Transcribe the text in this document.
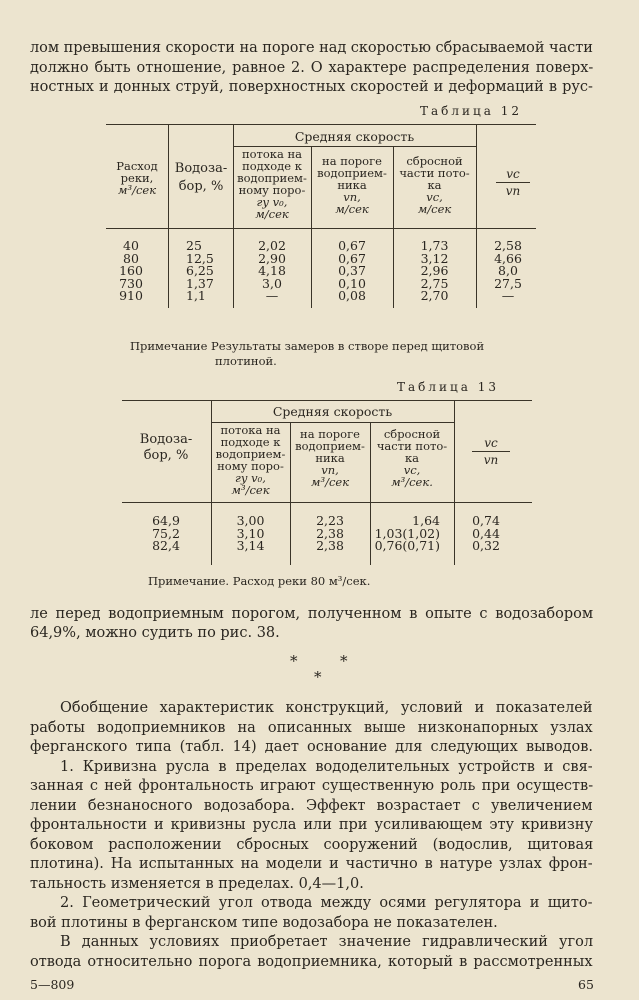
лом превышения скорости на пороге над скоростью сбрасываемой части
должно быть отношение, равное 2. О характере распределения поверх-
ностных и донных струй, поверхностных скоростей и деформаций в рус-
Таблица 12
Расход
реки,
м³/сек
Водоза-
бор, %
Средняя скорость
потока на
подходе к
водоприем-
ному поро-
гу v₀,
м/сек
на пороге
водоприем-
ника
vп,
м/сек
сбросной
части пото-
ка
vс,
м/сек
vс
vп
40
80
160
730
910
25
12,5
6,25
1,37
1,1
2,02
2,90
4,18
3,0
—
0,67
0,67
0,37
0,10
0,08
1,73
3,12
2,96
2,75
2,70
2,58
4,66
8,0
27,5
—
Примечание Результаты замеров в створе перед щитовой
плотиной.
Таблица 13
Водоза-
бор, %
Средняя скорость
потока на
подходе к
водоприем-
ному поро-
гу v₀,
м³/сек
на пороге
водоприем-
ника
vп,
м³/сек
сбросной
части пото-
ка
vс,
м³/сек.
vс
vп
64,9
75,2
82,4
3,00
3,10
3,14
2,23
2,38
2,38
1,64
1,03(1,02)
0,76(0,71)
0,74
0,44
0,32
Примечание. Расход реки 80 м³/сек.
ле перед водоприемным порогом, полученном в опыте с водозабором
64,9%, можно судить по рис. 38.
*	*
*
Обобщение характеристик конструкций, условий и показателей
работы водоприемников на описанных выше низконапорных узлах
ферганского типа (табл. 14) дает основание для следующих выводов.
1. Кривизна русла в пределах вододелительных устройств и свя-
занная с ней фронтальность играют существенную роль при осуществ-
лении безнаносного водозабора. Эффект возрастает с увеличением
фронтальности и кривизны русла или при усиливающем эту кривизну
боковом расположении сбросных сооружений (водослив, щитовая
плотина). На испытанных на модели и частично в натуре узлах фрон-
тальность изменяется в пределах. 0,4—1,0.
2. Геометрический угол отвода между осями регулятора и щито-
вой плотины в ферганском типе водозабора не показателен.
В данных условиях приобретает значение гидравлический угол
отвода относительно порога водоприемника, который в рассмотренных
5—809	65
